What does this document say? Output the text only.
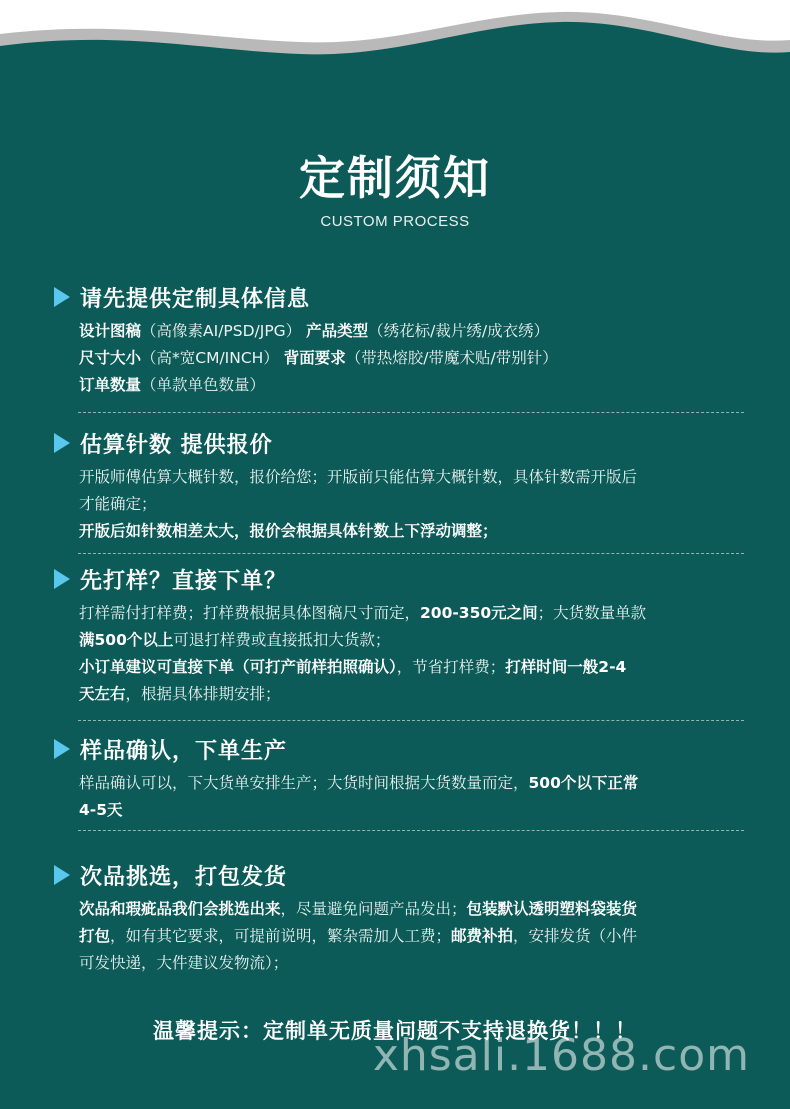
定制须知
CUSTOM PROCESS
请先提供定制具体信息

设计图稿（高像素AI/PSD/JPG） 产品类型（绣花标/裁片绣/成衣绣）

尺寸大小（高*宽CM/INCH） 背面要求（带热熔胶/带魔术贴/带别针）

订单数量（单款单色数量）

估算针数 提供报价

开版师傅估算大概针数，报价给您；开版前只能估算大概针数，具体针数需开版后

才能确定；

开版后如针数相差太大，报价会根据具体针数上下浮动调整；

先打样？直接下单？

打样需付打样费；打样费根据具体图稿尺寸而定，200-350元之间；大货数量单款

满500个以上可退打样费或直接抵扣大货款；

小订单建议可直接下单（可打产前样拍照确认），节省打样费；打样时间一般2-4

天左右，根据具体排期安排；

样品确认，下单生产

样品确认可以，下大货单安排生产；大货时间根据大货数量而定，500个以下正常

4-5天

次品挑选，打包发货

次品和瑕疵品我们会挑选出来，尽量避免问题产品发出；包装默认透明塑料袋装货

打包，如有其它要求，可提前说明，繁杂需加人工费；邮费补拍，安排发货（小件

可发快递，大件建议发物流）；

温馨提示：定制单无质量问题不支持退换货！！！
xhsali.1688.com
